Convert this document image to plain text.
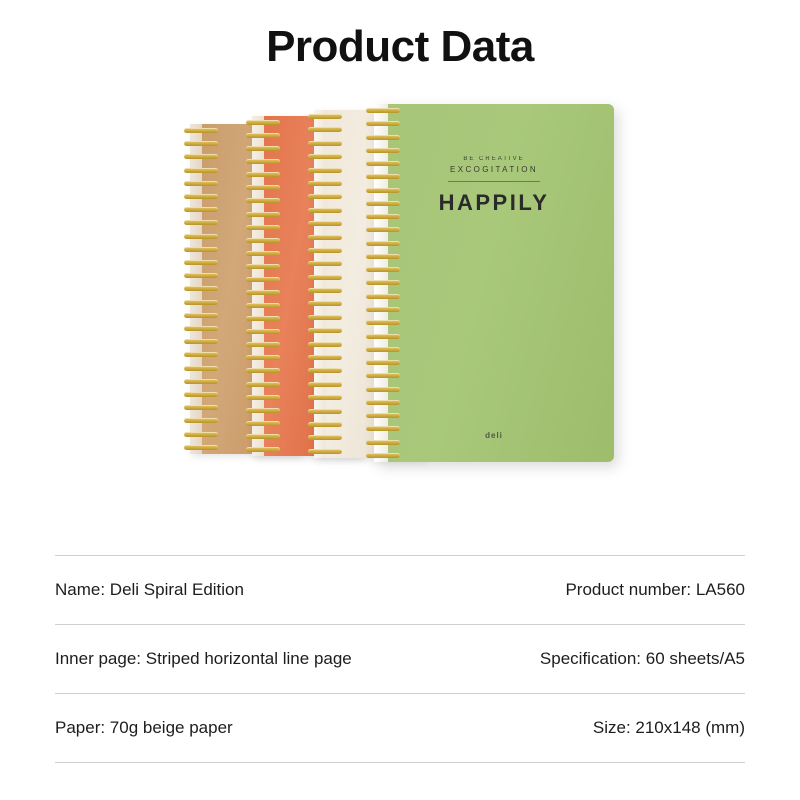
Product Data
BE CREATIVE
EXCOGITATION
HAPPILY
deli
Name: Deli Spiral Edition	Product number: LA560
Inner page: Striped horizontal line page	Specification: 60 sheets/A5
Paper: 70g beige paper	Size: 210x148 (mm)
